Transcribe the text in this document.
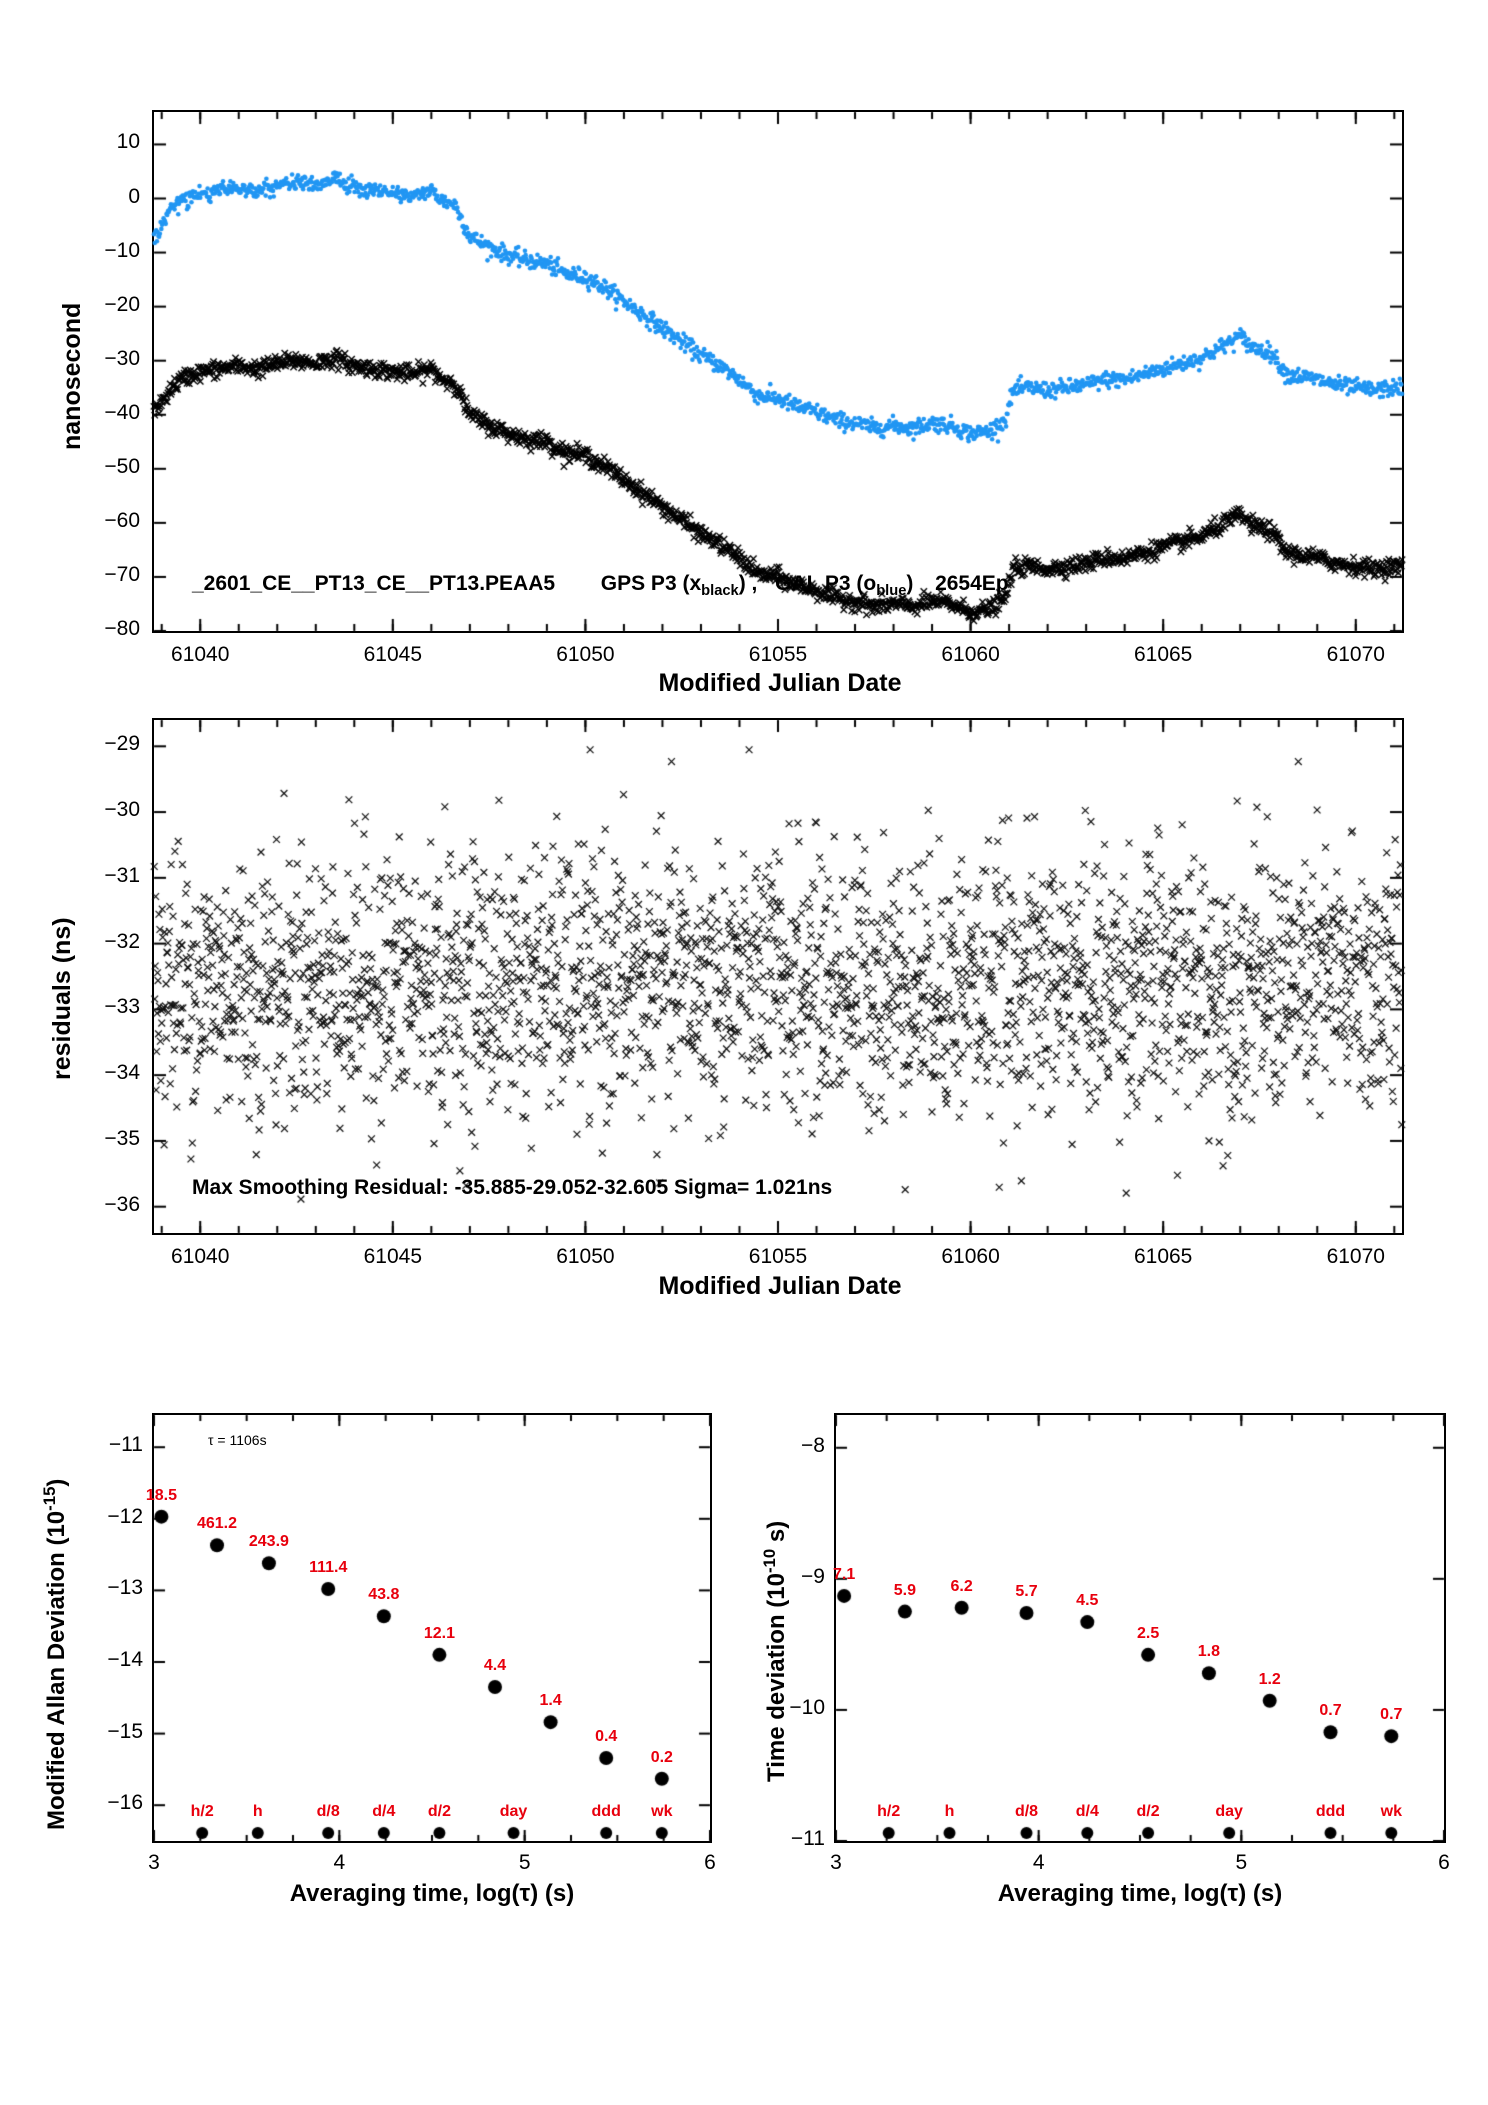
nanosecond
Modified Julian Date
10
0
−10
−20
−30
−40
−50
−60
−70
−80
61040	61045	61050	61055	61060	61065	61070
_2601_CE__PT13_CE__PT13.PEAA5 GPS P3 $(x_{black})$ , GAL P3 $(o_{blue})$ 2654Ep
residuals (ns)
Modified Julian Date
−29
−30
−31
−32
−33
−34
−35
−36
61040	61045	61050	61055	61060	61065	61070
Max Smoothing Residual: -35.885-29.052-32.605 Sigma= 1.021ns
Modified Allan Deviation $(10^{-15})$
Averaging time, log(τ) (s)
−11
−12
−13
−14
−15
−16
3	4	5	6
18.5
461.2
243.9
111.4
43.8
12.1
4.4
1.4
0.4
0.2
h/2	h	d/8	d/4	d/2	day	ddd	wk
τ = 1106s
Time deviation ($10^{-10}$ s)
Averaging time, log(τ) (s)
−8
−9
−10
−11
3	4	5	6
7.1
5.9	6.2	5.7
4.5
2.5
1.8
1.2
0.7	0.7
h/2	h	d/8	d/4	d/2	day	ddd	wk
